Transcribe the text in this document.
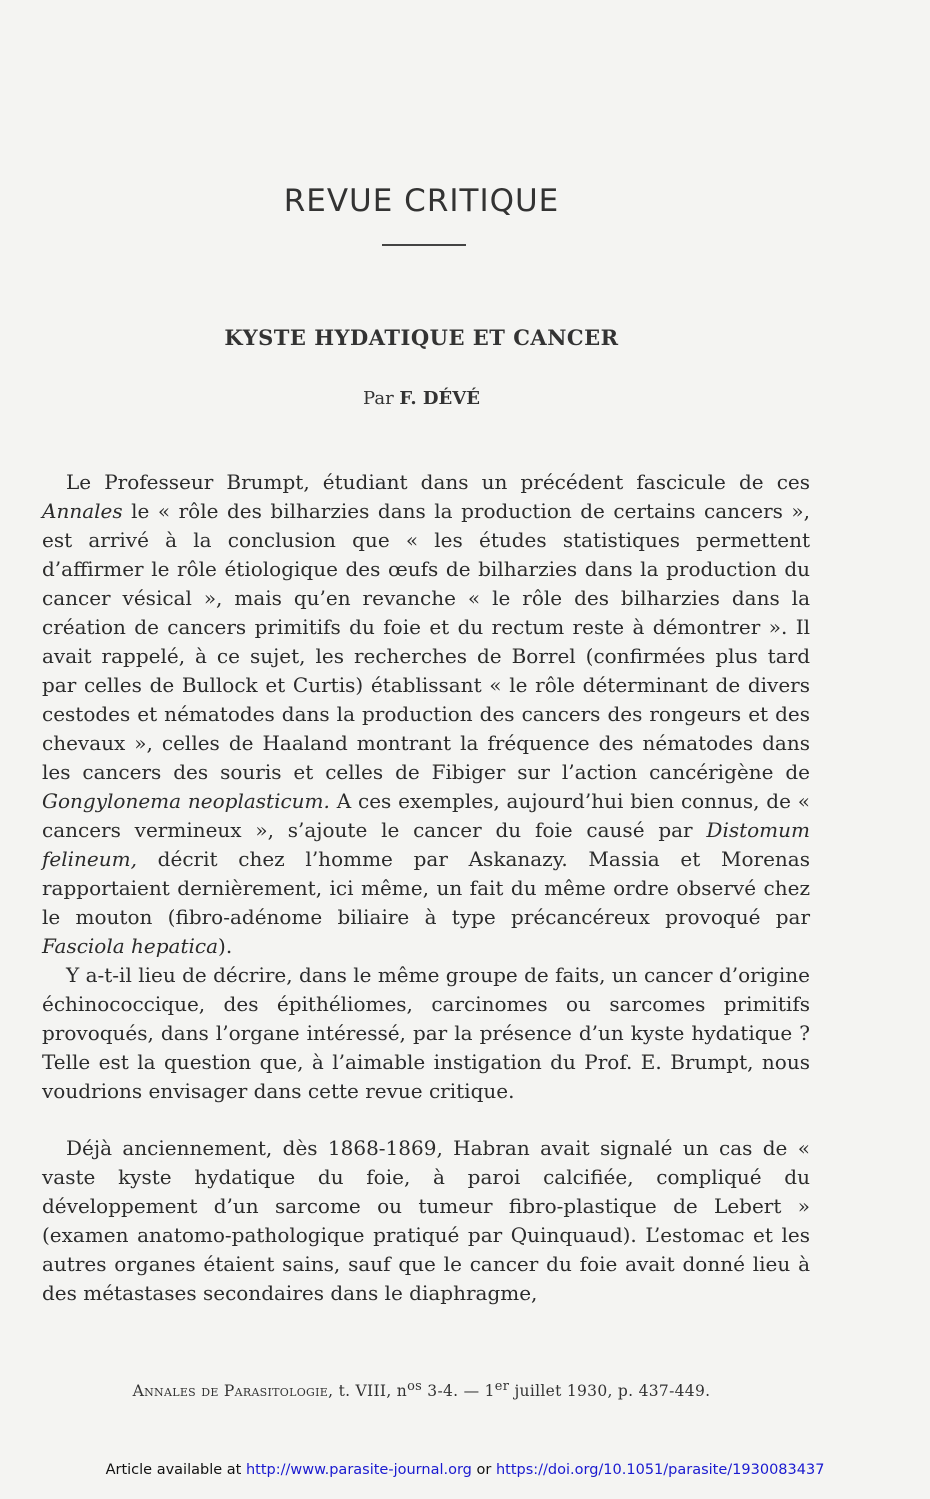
REVUE CRITIQUE
KYSTE HYDATIQUE ET CANCER
Par F. DÉVÉ

Le Professeur Brumpt, étudiant dans un précédent fascicule de ces Annales le « rôle des bilharzies dans la production de certains cancers », est arrivé à la conclusion que « les études statistiques permettent d’affirmer le rôle étiologique des œufs de bilharzies dans la production du cancer vésical », mais qu’en revanche « le rôle des bilharzies dans la création de cancers primitifs du foie et du rectum reste à démontrer ». Il avait rappelé, à ce sujet, les recherches de Borrel (confirmées plus tard par celles de Bullock et Curtis) établissant « le rôle déterminant de divers cestodes et nématodes dans la production des cancers des rongeurs et des chevaux », celles de Haaland montrant la fréquence des nématodes dans les cancers des souris et celles de Fibiger sur l’action cancérigène de Gongylonema neoplasticum. A ces exemples, aujourd’hui bien connus, de « cancers vermineux », s’ajoute le cancer du foie causé par Distomum felineum, décrit chez l’homme par Askanazy. Massia et Morenas rapportaient dernièrement, ici même, un fait du même ordre observé chez le mouton (fibro-adénome biliaire à type précancéreux provoqué par Fasciola hepatica).

Y a-t-il lieu de décrire, dans le même groupe de faits, un cancer d’origine échinococcique, des épithéliomes, carcinomes ou sarcomes primitifs provoqués, dans l’organe intéressé, par la présence d’un kyste hydatique ? Telle est la question que, à l’aimable instigation du Prof. E. Brumpt, nous voudrions envisager dans cette revue critique.

Déjà anciennement, dès 1868-1869, Habran avait signalé un cas de « vaste kyste hydatique du foie, à paroi calcifiée, compliqué du développement d’un sarcome ou tumeur fibro-plastique de Lebert » (examen anatomo-pathologique pratiqué par Quinquaud). L’estomac et les autres organes étaient sains, sauf que le cancer du foie avait donné lieu à des métastases secondaires dans le diaphragme,

Annales de Parasitologie, t. VIII, $n^{os}$ 3-4. — 1er juillet 1930, p. 437-449.
Article available at http://www.parasite-journal.org or https://doi.org/10.1051/parasite/1930083437
